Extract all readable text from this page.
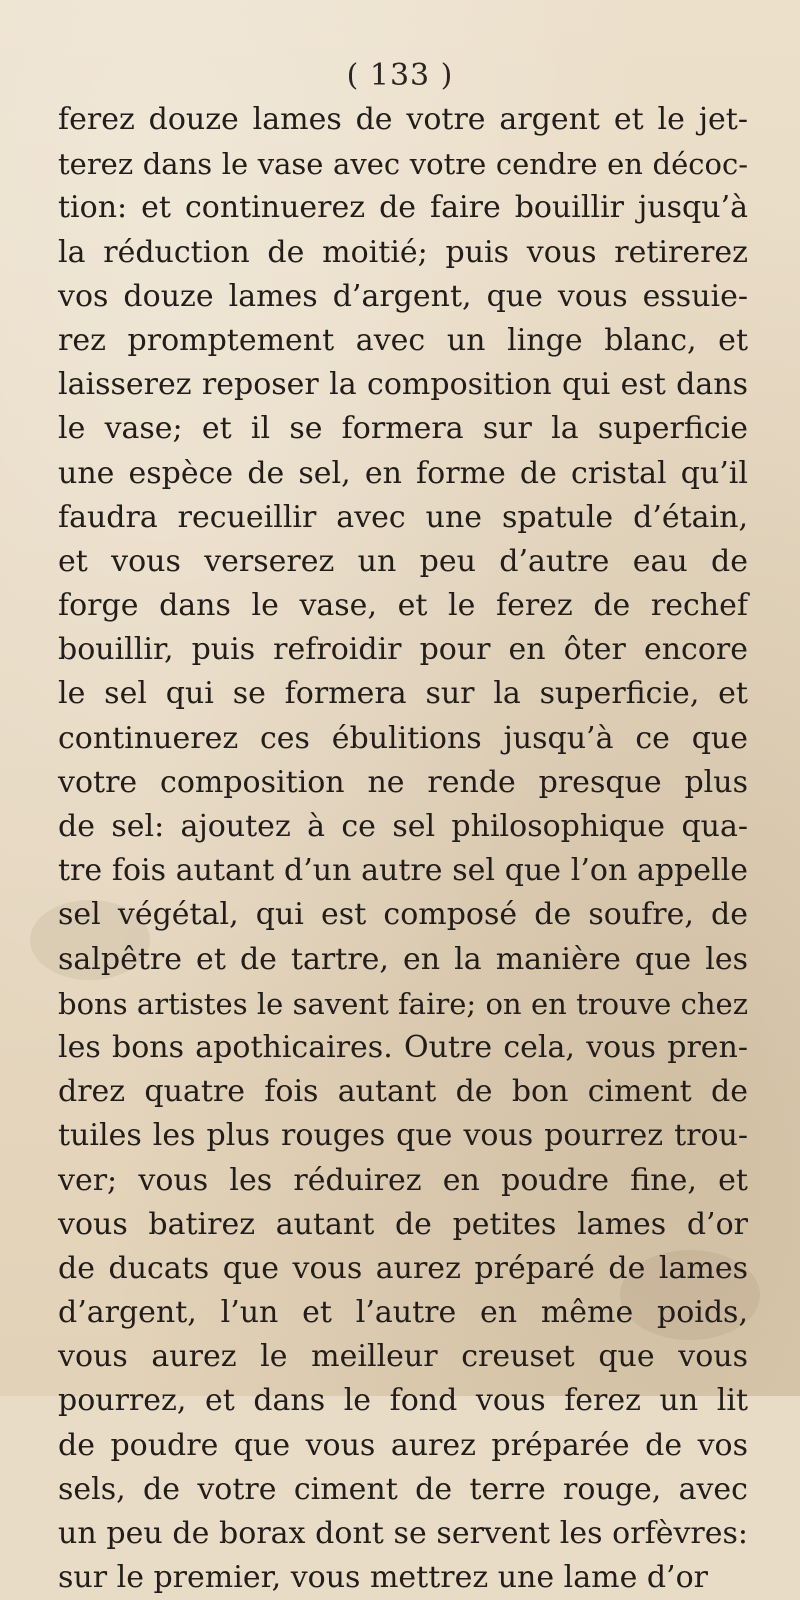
( 133 )
ferez douze lames de votre argent et le jet-
terez dans le vase avec votre cendre en décoc-
tion: et continuerez de faire bouillir jusqu’à
la réduction de moitié; puis vous retirerez
vos douze lames d’argent, que vous essuie-
rez promptement avec un linge blanc, et
laisserez reposer la composition qui est dans
le vase; et il se formera sur la superficie
une espèce de sel, en forme de cristal qu’il
faudra recueillir avec une spatule d’étain,
et vous verserez un peu d’autre eau de
forge dans le vase, et le ferez de rechef
bouillir, puis refroidir pour en ôter encore
le sel qui se formera sur la superficie, et
continuerez ces ébulitions jusqu’à ce que
votre composition ne rende presque plus
de sel: ajoutez à ce sel philosophique qua-
tre fois autant d’un autre sel que l’on appelle
sel végétal, qui est composé de soufre, de
salpêtre et de tartre, en la manière que les
bons artistes le savent faire; on en trouve chez
les bons apothicaires. Outre cela, vous pren-
drez quatre fois autant de bon ciment de
tuiles les plus rouges que vous pourrez trou-
ver; vous les réduirez en poudre fine, et
vous batirez autant de petites lames d’or
de ducats que vous aurez préparé de lames
d’argent, l’un et l’autre en même poids,
vous aurez le meilleur creuset que vous
pourrez, et dans le fond vous ferez un lit
de poudre que vous aurez préparée de vos
sels, de votre ciment de terre rouge, avec
un peu de borax dont se servent les orfèvres:
sur le premier, vous mettrez une lame d’or
